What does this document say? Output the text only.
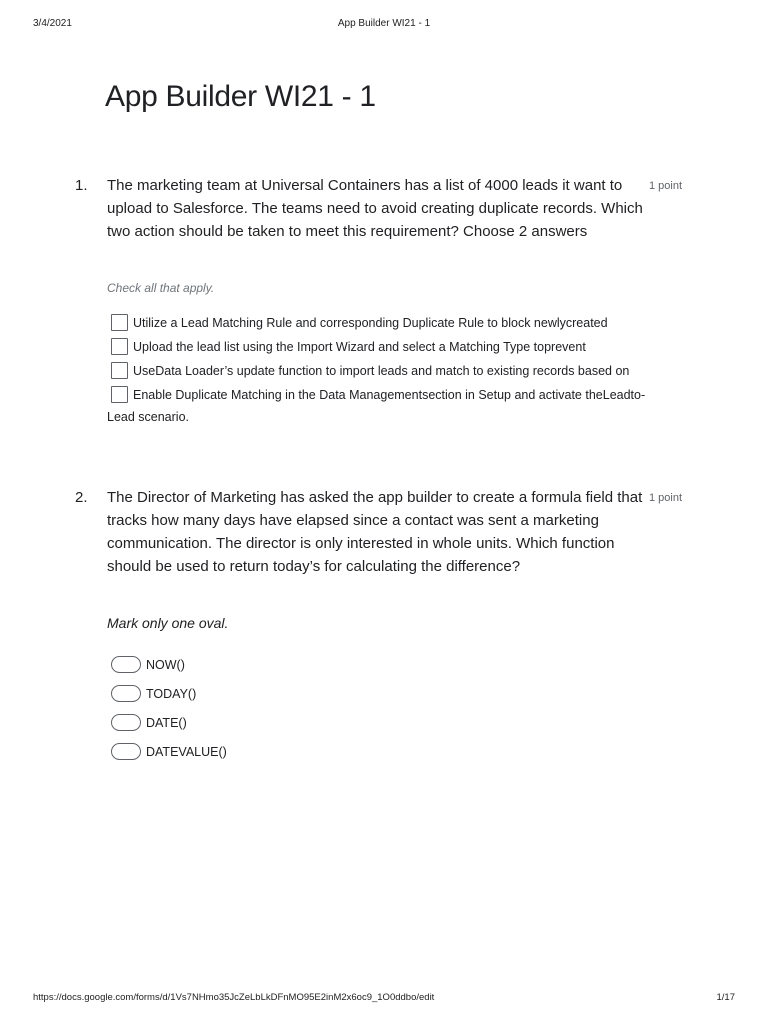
3/4/2021	App Builder WI21 - 1
App Builder WI21 - 1
1. The marketing team at Universal Containers has a list of 4000 leads it want to upload to Salesforce. The teams need to avoid creating duplicate records. Which two action should be taken to meet this requirement? Choose 2 answers

1 point
Check all that apply.
Utilize a Lead Matching Rule and corresponding Duplicate Rule to block newlycreated
Upload the lead list using the Import Wizard and select a Matching Type toprevent
UseData Loader’s update function to import leads and match to existing records based on
Enable Duplicate Matching in the Data Managementsection in Setup and activate theLeadto-Lead scenario.
2. The Director of Marketing has asked the app builder to create a formula field that tracks how many days have elapsed since a contact was sent a marketing communication. The director is only interested in whole units. Which function should be used to return today’s for calculating the difference?

1 point
Mark only one oval.
NOW()
TODAY()
DATE()
DATEVALUE()
https://docs.google.com/forms/d/1Vs7NHmo35JcZeLbLkDFnMO95E2inM2x6oc9_1O0ddbo/edit	1/17
